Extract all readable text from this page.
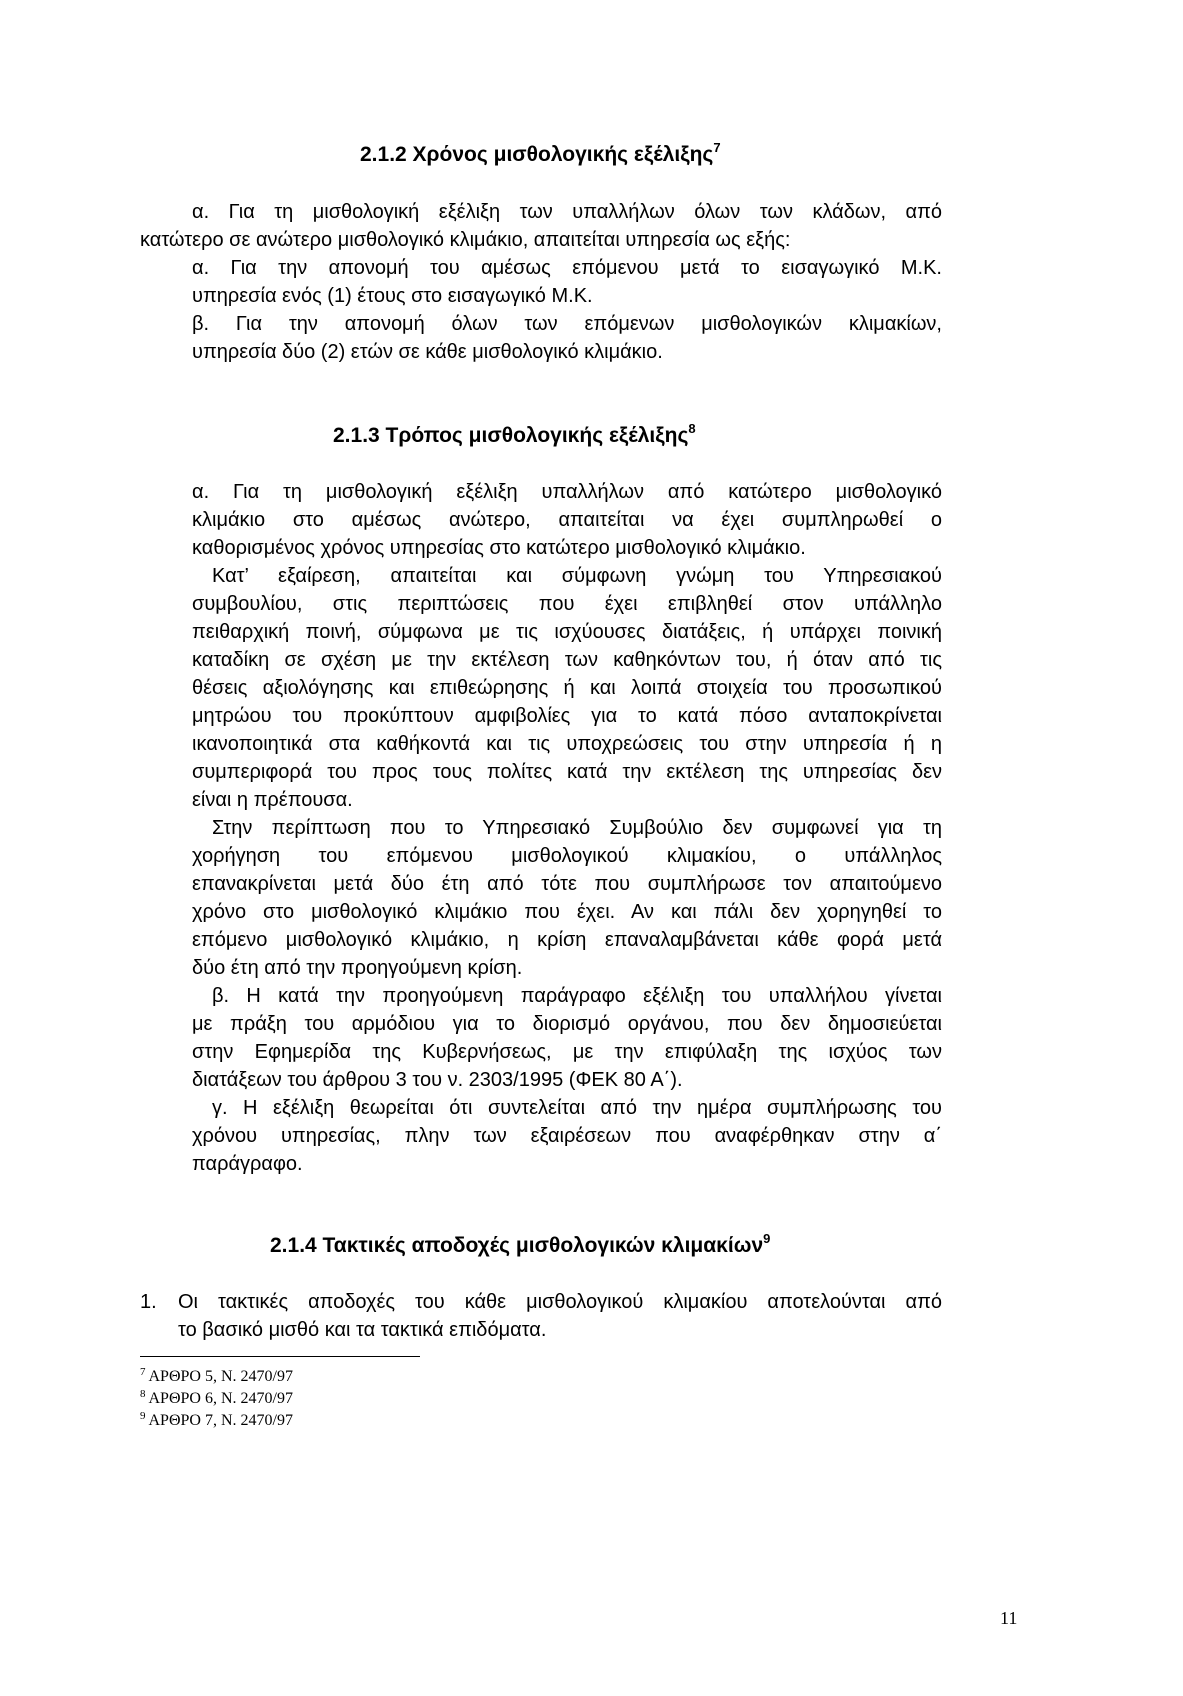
2.1.2 Χρόνος μισθολογικής εξέλιξης$^7$
α. Για τη μισθολογική εξέλιξη των υπαλλήλων όλων των κλάδων, από
κατώτερο σε ανώτερο μισθολογικό κλιμάκιο, απαιτείται υπηρεσία ως εξής:
α. Για την απονομή του αμέσως επόμενου μετά το εισαγωγικό Μ.Κ.
υπηρεσία ενός (1) έτους στο εισαγωγικό Μ.Κ.
β. Για την απονομή όλων των επόμενων μισθολογικών κλιμακίων,
υπηρεσία δύο (2) ετών σε κάθε μισθολογικό κλιμάκιο.
2.1.3 Τρόπος μισθολογικής εξέλιξης$^8$
α. Για τη μισθολογική εξέλιξη υπαλλήλων από κατώτερο μισθολογικό
κλιμάκιο στο αμέσως ανώτερο, απαιτείται να έχει συμπληρωθεί ο
καθορισμένος χρόνος υπηρεσίας στο κατώτερο μισθολογικό κλιμάκιο.
Κατ’ εξαίρεση, απαιτείται και σύμφωνη γνώμη του Υπηρεσιακού
συμβουλίου, στις περιπτώσεις που έχει επιβληθεί στον υπάλληλο
πειθαρχική ποινή, σύμφωνα με τις ισχύουσες διατάξεις, ή υπάρχει ποινική
καταδίκη σε σχέση με την εκτέλεση των καθηκόντων του, ή όταν από τις
θέσεις αξιολόγησης και επιθεώρησης ή και λοιπά στοιχεία του προσωπικού
μητρώου του προκύπτουν αμφιβολίες για το κατά πόσο ανταποκρίνεται
ικανοποιητικά στα καθήκοντά και τις υποχρεώσεις του στην υπηρεσία ή η
συμπεριφορά του προς τους πολίτες κατά την εκτέλεση της υπηρεσίας δεν
είναι η πρέπουσα.
Στην περίπτωση που το Υπηρεσιακό Συμβούλιο δεν συμφωνεί για τη
χορήγηση του επόμενου μισθολογικού κλιμακίου, ο υπάλληλος
επανακρίνεται μετά δύο έτη από τότε που συμπλήρωσε τον απαιτούμενο
χρόνο στο μισθολογικό κλιμάκιο που έχει. Αν και πάλι δεν χορηγηθεί το
επόμενο μισθολογικό κλιμάκιο, η κρίση επαναλαμβάνεται κάθε φορά μετά
δύο έτη από την προηγούμενη κρίση.
β. Η κατά την προηγούμενη παράγραφο εξέλιξη του υπαλλήλου γίνεται
με πράξη του αρμόδιου για το διορισμό οργάνου, που δεν δημοσιεύεται
στην Εφημερίδα της Κυβερνήσεως, με την επιφύλαξη της ισχύος των
διατάξεων του άρθρου 3 του ν. 2303/1995 (ΦΕΚ 80 Α΄).
γ. Η εξέλιξη θεωρείται ότι συντελείται από την ημέρα συμπλήρωσης του
χρόνου υπηρεσίας, πλην των εξαιρέσεων που αναφέρθηκαν στην α΄
παράγραφο.
2.1.4 Τακτικές αποδοχές μισθολογικών κλιμακίων$^9$
1. Οι τακτικές αποδοχές του κάθε μισθολογικού κλιμακίου αποτελούνται από
το βασικό μισθό και τα τακτικά επιδόματα.
$^7$ ΑΡΘΡΟ 5, Ν. 2470/97
$^8$ ΑΡΘΡΟ 6, Ν. 2470/97
$^9$ ΑΡΘΡΟ 7, Ν. 2470/97
11
